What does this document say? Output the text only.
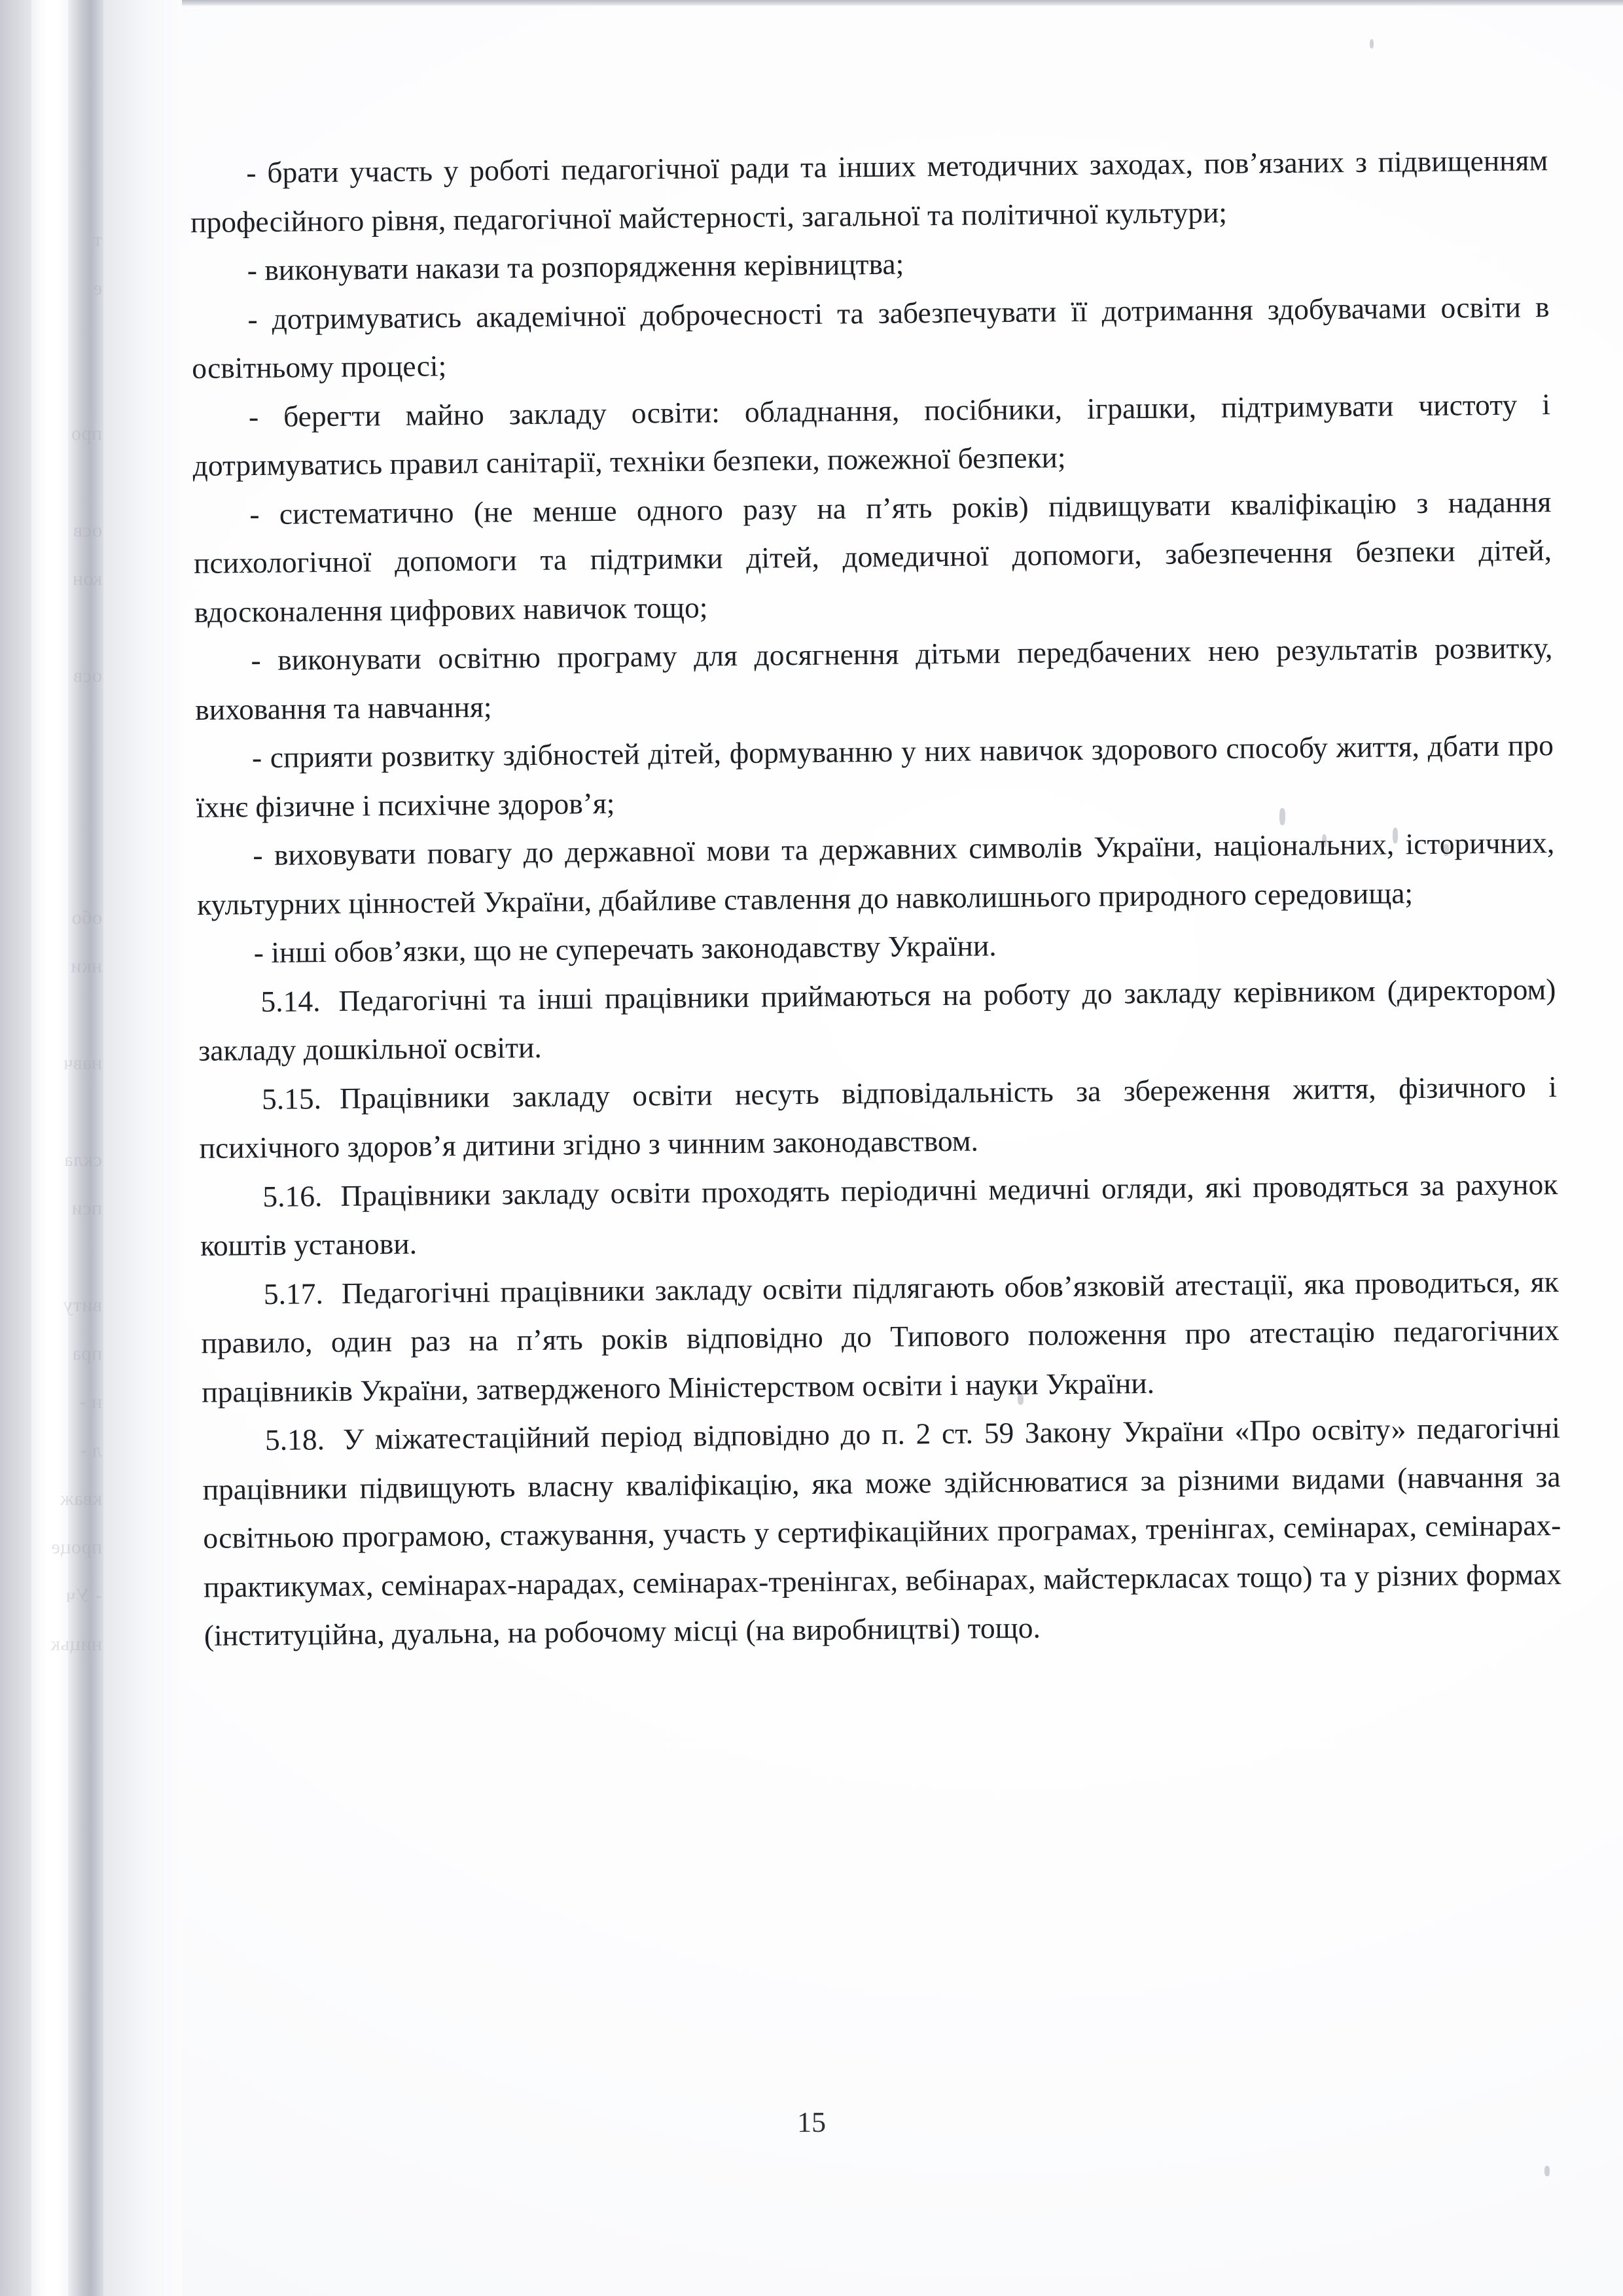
т
е
про
осв
кон
осв
обо
нки
навч
скла
пси
виту
пра
н -
л -
кваж
проце
- Уч
ницьк

- брати участь у роботі педагогічної ради та інших методичних заходах, пов’язаних з підвищенням професійного рівня, педагогічної майстерності, загальної та політичної культури;

- виконувати накази та розпорядження керівництва;

- дотримуватись академічної доброчесності та забезпечувати її дотримання здобувачами освіти в освітньому процесі;

- берегти майно закладу освіти: обладнання, посібники, іграшки, підтримувати чистоту і дотримуватись правил санітарії, техніки безпеки, пожежної безпеки;

- систематично (не менше одного разу на п’ять років) підвищувати кваліфікацію з надання психологічної допомоги та підтримки дітей, домедичної допомоги, забезпечення безпеки дітей, вдосконалення цифрових навичок тощо;

- виконувати освітню програму для досягнення дітьми передбачених нею результатів розвитку, виховання та навчання;

- сприяти розвитку здібностей дітей, формуванню у них навичок здорового способу життя, дбати про їхнє фізичне і психічне здоров’я;

- виховувати повагу до державної мови та державних символів України, національних, історичних, культурних цінностей України, дбайливе ставлення до навколишнього природного середовища;

- інші обов’язки, що не суперечать законодавству України.

5.14. Педагогічні та інші працівники приймаються на роботу до закладу керівником (директором) закладу дошкільної освіти.

5.15. Працівники закладу освіти несуть відповідальність за збереження життя, фізичного і психічного здоров’я дитини згідно з чинним законодавством.

5.16. Працівники закладу освіти проходять періодичні медичні огляди, які проводяться за рахунок коштів установи.

5.17. Педагогічні працівники закладу освіти підлягають обов’язковій атестації, яка проводиться, як правило, один раз на п’ять років відповідно до Типового положення про атестацію педагогічних працівників України, затвердженого Міністерством освіти і науки України.

5.18. У міжатестаційний період відповідно до п. 2 ст. 59 Закону України «Про освіту» педагогічні працівники підвищують власну кваліфікацію, яка може здійснюватися за різними видами (навчання за освітньою програмою, стажування, участь у сертифікаційних програмах, тренінгах, семінарах, семінарах-практикумах, семінарах-нарадах, семінарах-тренінгах, вебінарах, майстеркласах тощо) та у різних формах (інституційна, дуальна, на робочому місці (на виробництві) тощо.

15
